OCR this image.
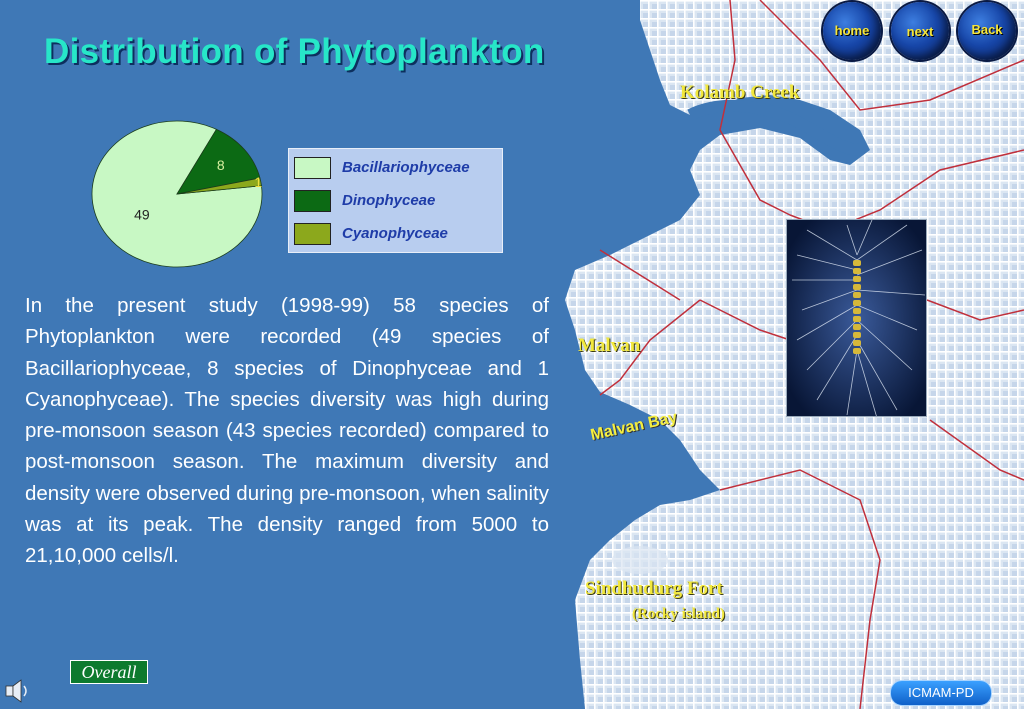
Distribution of Phytoplankton
home	next	Back
Kolamb Creek
Malvan
Malvan Bay
Sindhudurg Fort
(Rocky island)
49
8
1
Bacillariophyceae
Dinophyceae
Cyanophyceae
In the present study (1998-99) 58 species of Phytoplankton were recorded (49 species of Bacillariophyceae, 8 species of Dinophyceae and 1 Cyanophyceae). The species diversity was high during pre-monsoon season (43 species recorded) compared to post-monsoon season. The maximum diversity and density were observed during pre-monsoon, when salinity was at its peak. The density ranged from 5000 to 21,10,000 cells/l.
Overall
ICMAM-PD
